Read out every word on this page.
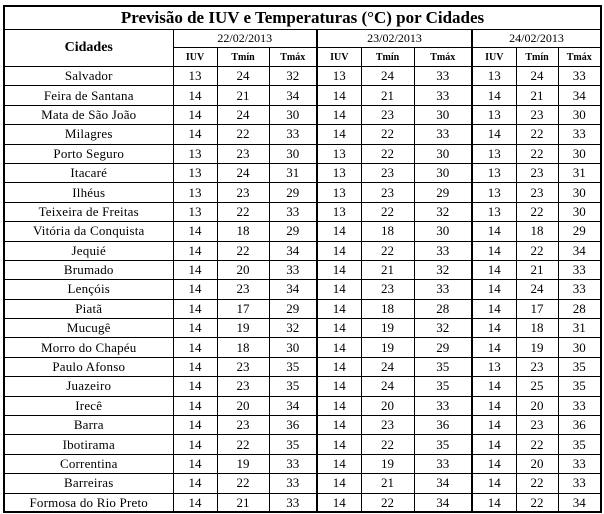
Previsão de IUV e Temperaturas (°C) por Cidades									
Cidades	22/02/2013			23/02/2013			24/02/2013		
	IUV	Tmín	Tmáx	IUV	Tmín	Tmáx	IUV	Tmín	Tmáx
Salvador	13	24	32	13	24	33	13	24	33
Feira de Santana	14	21	34	14	21	33	14	21	34
Mata de São João	14	24	30	14	23	30	13	23	30
Milagres	14	22	33	14	22	33	14	22	33
Porto Seguro	13	23	30	13	22	30	13	22	30
Itacaré	13	24	31	13	23	30	13	23	31
Ilhéus	13	23	29	13	23	29	13	23	30
Teixeira de Freitas	13	22	33	13	22	32	13	22	30
Vitória da Conquista	14	18	29	14	18	30	14	18	29
Jequié	14	22	34	14	22	33	14	22	34
Brumado	14	20	33	14	21	32	14	21	33
Lençóis	14	23	34	14	23	33	14	24	33
Piatã	14	17	29	14	18	28	14	17	28
Mucugê	14	19	32	14	19	32	14	18	31
Morro do Chapéu	14	18	30	14	19	29	14	19	30
Paulo Afonso	14	23	35	14	24	35	13	23	35
Juazeiro	14	23	35	14	24	35	14	25	35
Irecê	14	20	34	14	20	33	14	20	33
Barra	14	23	36	14	23	36	14	23	36
Ibotirama	14	22	35	14	22	35	14	22	35
Correntina	14	19	33	14	19	33	14	20	33
Barreiras	14	22	33	14	21	34	14	22	33
Formosa do Rio Preto	14	21	33	14	22	34	14	22	34
